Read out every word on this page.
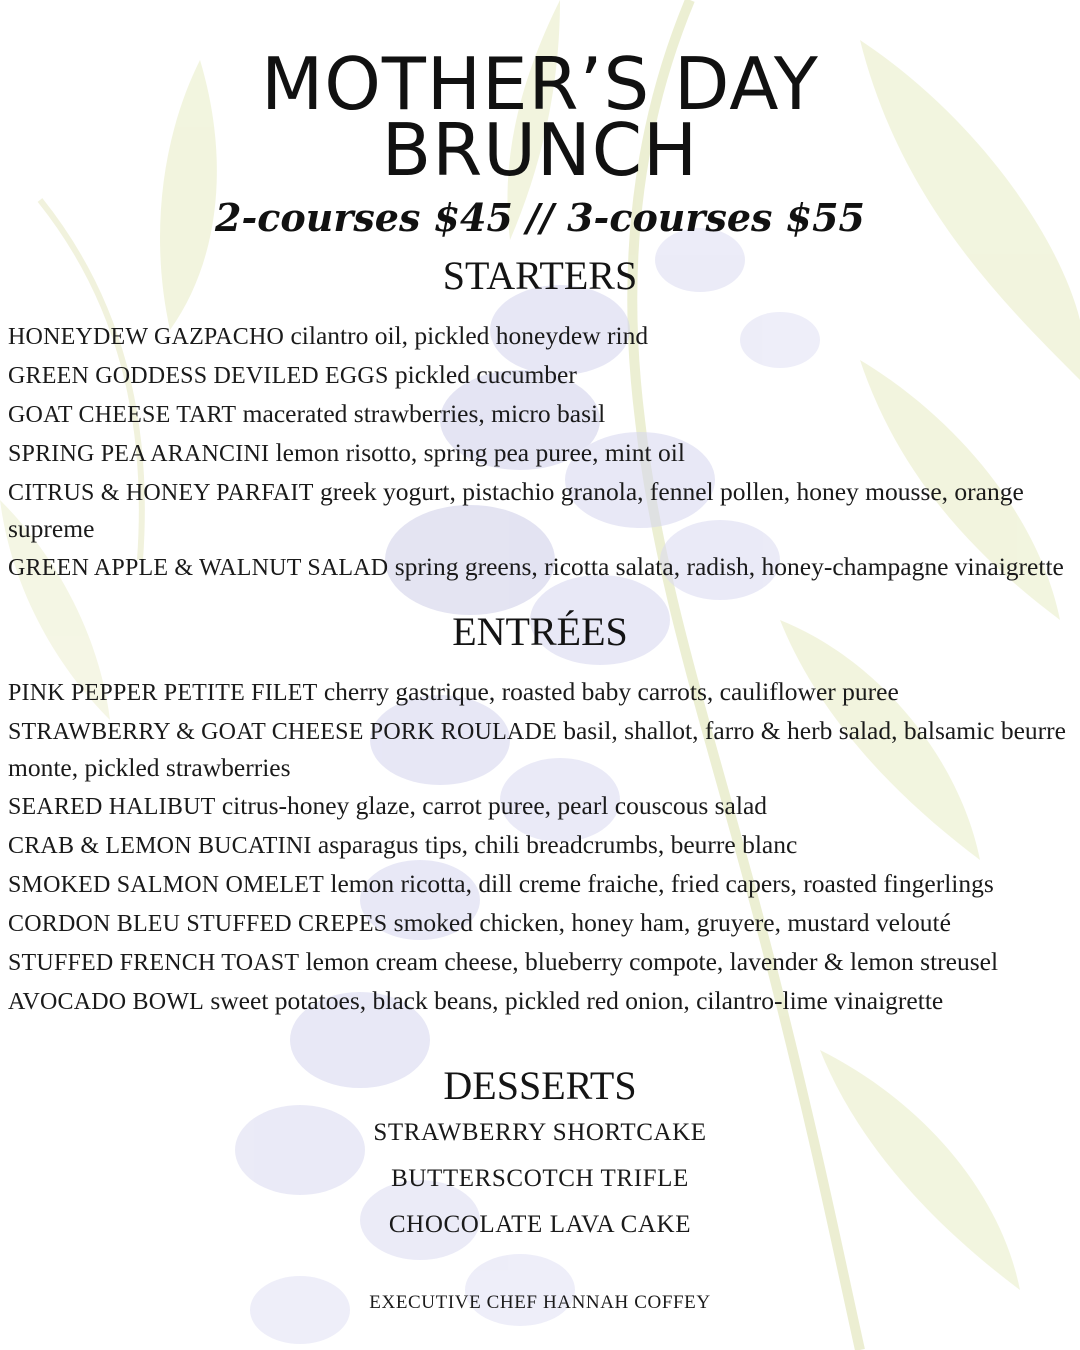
MOTHER’S DAY
BRUNCH
2-courses $45 // 3-courses $55
STARTERS
HONEYDEW GAZPACHO cilantro oil, pickled honeydew rind
GREEN GODDESS DEVILED EGGS pickled cucumber
GOAT CHEESE TART macerated strawberries, micro basil
SPRING PEA ARANCINI lemon risotto, spring pea puree, mint oil
CITRUS & HONEY PARFAIT greek yogurt, pistachio granola, fennel pollen, honey mousse, orange supreme
GREEN APPLE & WALNUT SALAD spring greens, ricotta salata, radish, honey-champagne vinaigrette
ENTRÉES
PINK PEPPER PETITE FILET cherry gastrique, roasted baby carrots, cauliflower puree
STRAWBERRY & GOAT CHEESE PORK ROULADE basil, shallot, farro & herb salad, balsamic beurre monte, pickled strawberries
SEARED HALIBUT citrus-honey glaze, carrot puree, pearl couscous salad
CRAB & LEMON BUCATINI asparagus tips, chili breadcrumbs, beurre blanc
SMOKED SALMON OMELET lemon ricotta, dill creme fraiche, fried capers, roasted fingerlings
CORDON BLEU STUFFED CREPES smoked chicken, honey ham, gruyere, mustard velouté
STUFFED FRENCH TOAST lemon cream cheese, blueberry compote, lavender & lemon streusel
AVOCADO BOWL sweet potatoes, black beans, pickled red onion, cilantro-lime vinaigrette
DESSERTS
STRAWBERRY SHORTCAKE
BUTTERSCOTCH TRIFLE
CHOCOLATE LAVA CAKE
EXECUTIVE CHEF HANNAH COFFEY
